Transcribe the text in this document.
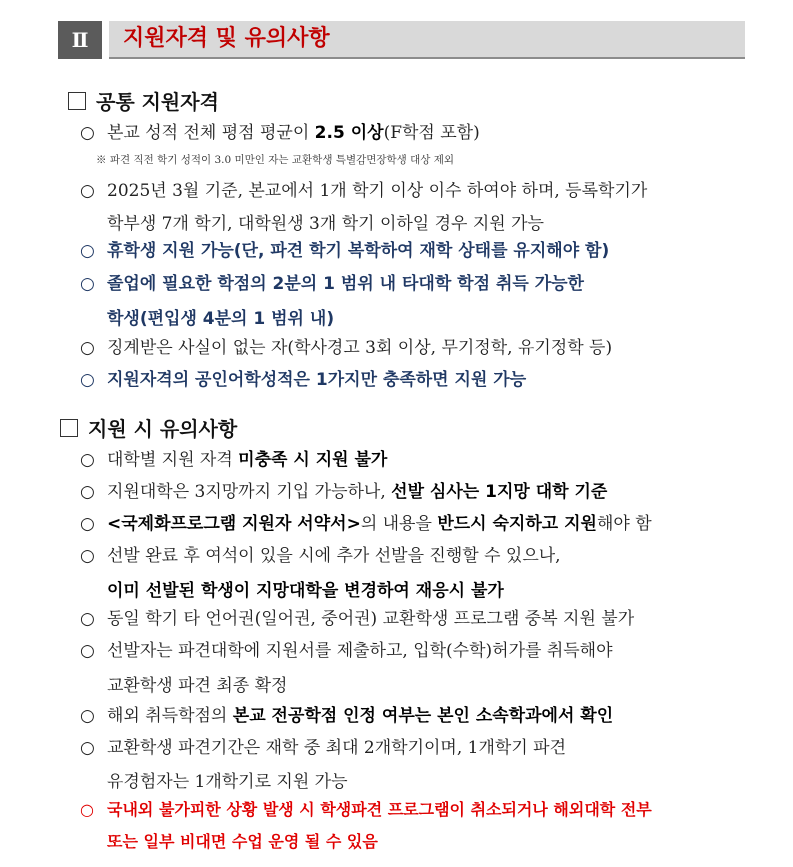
Ⅱ	지원자격 및 유의사항
공통 지원자격
○ 본교 성적 전체 평점 평균이 2.5 이상(F학점 포함)
※ 파견 직전 학기 성적이 3.0 미만인 자는 교환학생 특별감면장학생 대상 제외
○ 2025년 3월 기준, 본교에서 1개 학기 이상 이수 하여야 하며, 등록학기가
학부생 7개 학기, 대학원생 3개 학기 이하일 경우 지원 가능
○ 휴학생 지원 가능(단, 파견 학기 복학하여 재학 상태를 유지해야 함)
○ 졸업에 필요한 학점의 2분의 1 범위 내 타대학 학점 취득 가능한
학생(편입생 4분의 1 범위 내)
○ 징계받은 사실이 없는 자(학사경고 3회 이상, 무기정학, 유기정학 등)
○ 지원자격의 공인어학성적은 1가지만 충족하면 지원 가능
지원 시 유의사항
○ 대학별 지원 자격 미충족 시 지원 불가
○ 지원대학은 3지망까지 기입 가능하나, 선발 심사는 1지망 대학 기준
○ <국제화프로그램 지원자 서약서>의 내용을 반드시 숙지하고 지원해야 함
○ 선발 완료 후 여석이 있을 시에 추가 선발을 진행할 수 있으나,
이미 선발된 학생이 지망대학을 변경하여 재응시 불가
○ 동일 학기 타 언어권(일어권, 중어권) 교환학생 프로그램 중복 지원 불가
○ 선발자는 파견대학에 지원서를 제출하고, 입학(수학)허가를 취득해야
교환학생 파견 최종 확정
○ 해외 취득학점의 본교 전공학점 인정 여부는 본인 소속학과에서 확인
○ 교환학생 파견기간은 재학 중 최대 2개학기이며, 1개학기 파견
유경험자는 1개학기로 지원 가능
○ 국내외 불가피한 상황 발생 시 학생파견 프로그램이 취소되거나 해외대학 전부
또는 일부 비대면 수업 운영 될 수 있음
